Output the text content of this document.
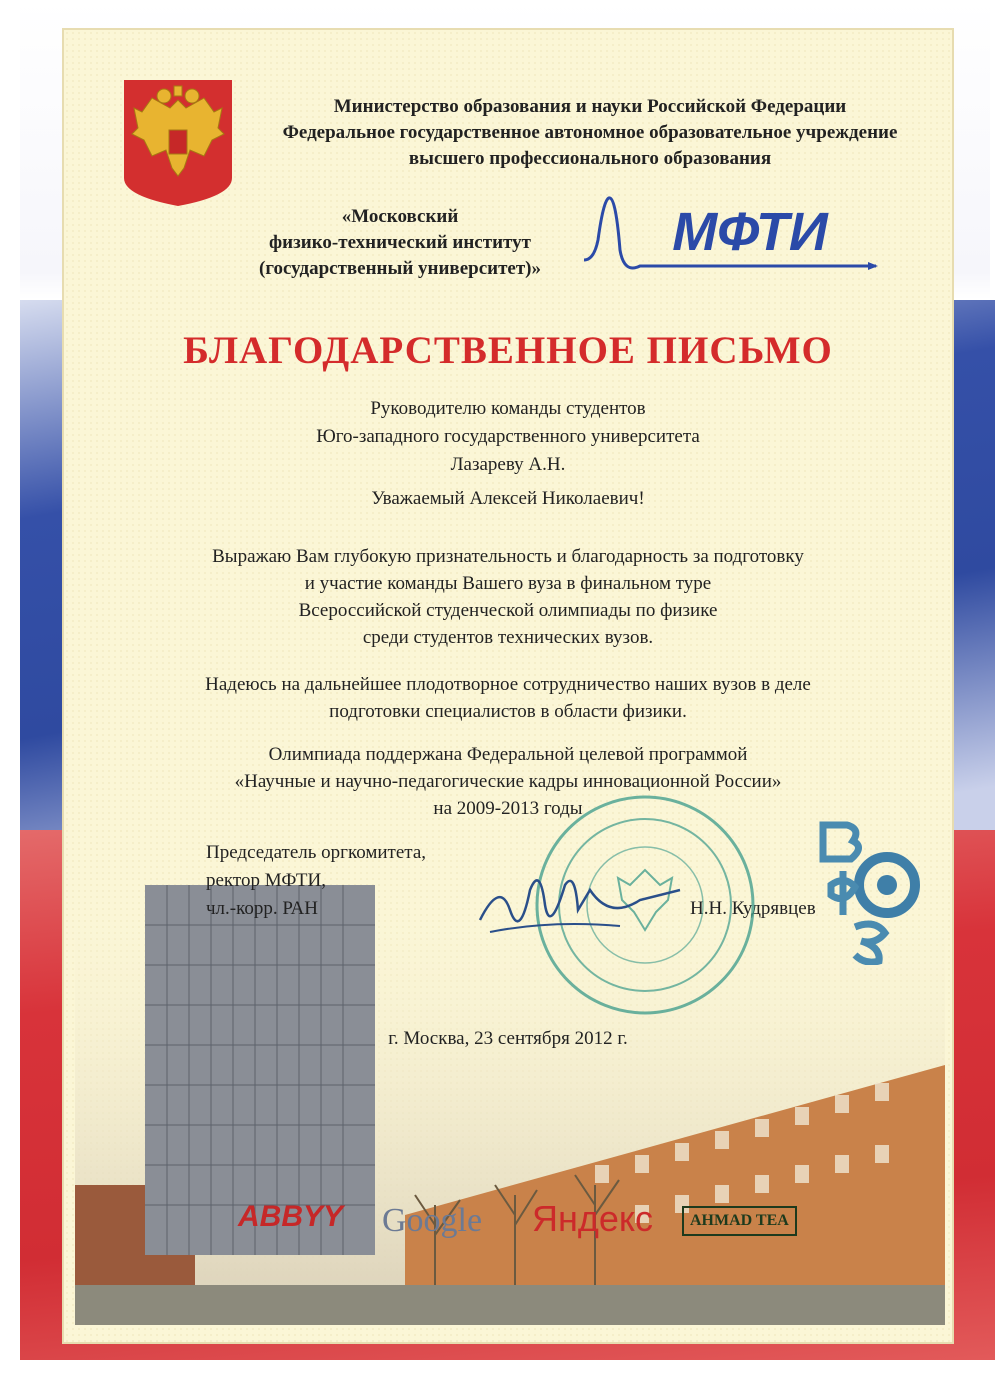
Министерство образования и науки Российской Федерации
Федеральное государственное автономное образовательное учреждение
высшего профессионального образования
«Московский
физико-технический институт
(государственный университет)»
МФТИ
БЛАГОДАРСТВЕННОЕ ПИСЬМО
Руководителю команды студентов
Юго-западного государственного университета
Лазареву А.Н.
Уважаемый Алексей Николаевич!
Выражаю Вам глубокую признательность и благодарность за подготовку
и участие команды Вашего вуза в финальном туре
Всероссийской студенческой олимпиады по физике
среди студентов технических вузов.
Надеюсь на дальнейшее плодотворное сотрудничество наших вузов в деле
подготовки специалистов в области физики.
Олимпиада поддержана Федеральной целевой программой
«Научные и научно-педагогические кадры инновационной России»
на 2009-2013 годы
ABBYY Google Яндекс	AHMAD TEA
Председатель оргкомитета,
ректор МФТИ,
чл.-корр. РАН	Н.Н. Кудрявцев
г. Москва, 23 сентября 2012 г.
